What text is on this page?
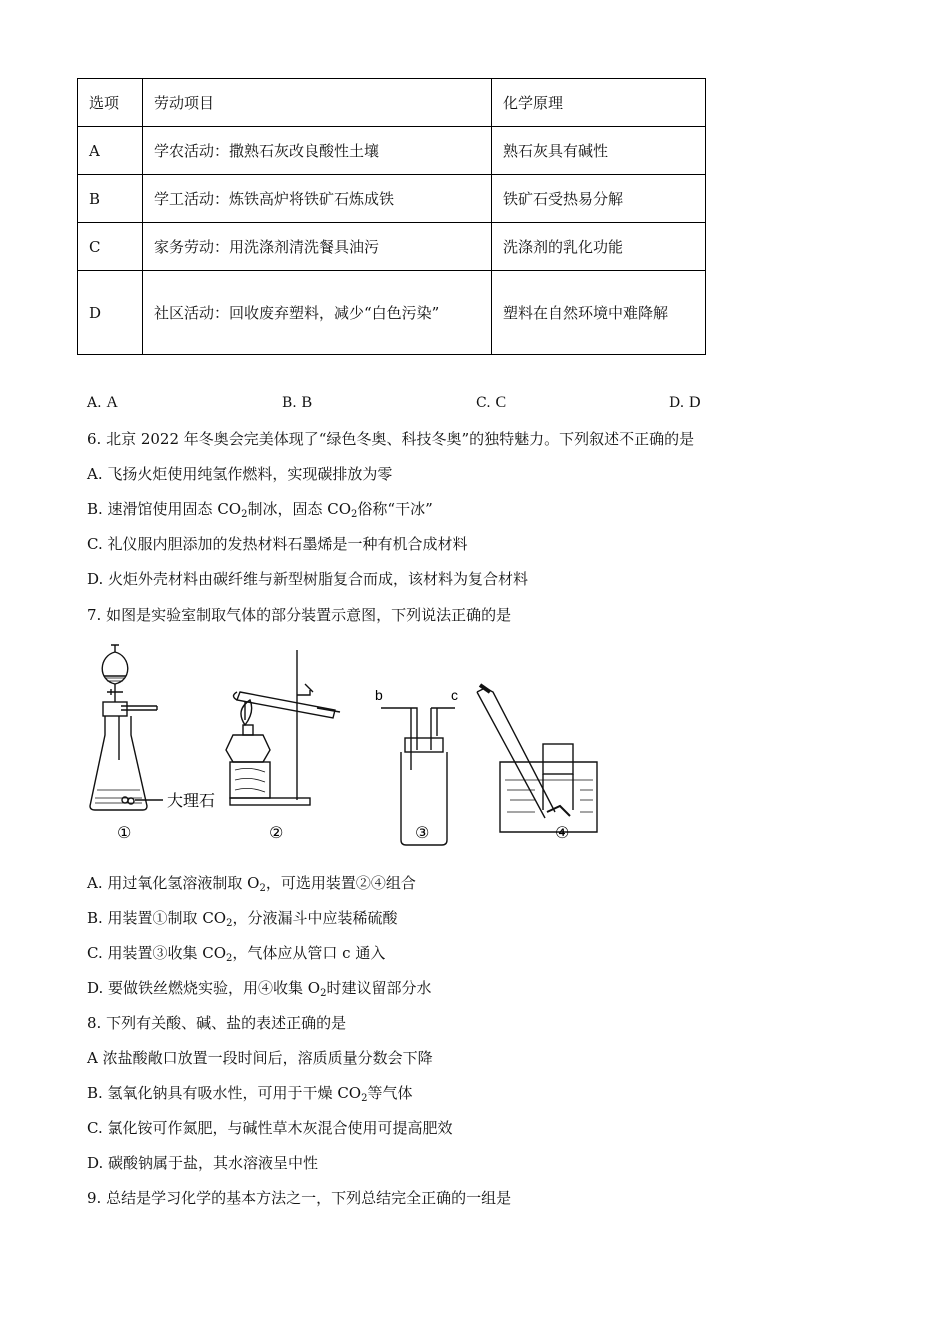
选项	劳动项目	化学原理
A	学农活动：撒熟石灰改良酸性土壤	熟石灰具有碱性
B	学工活动：炼铁高炉将铁矿石炼成铁	铁矿石受热易分解
C	家务劳动：用洗涤剂清洗餐具油污	洗涤剂的乳化功能
D	社区活动：回收废弃塑料，减少“白色污染”	塑料在自然环境中难降解
A. A	B. B	C. C	D. D
6. 北京 2022 年冬奥会完美体现了“绿色冬奥、科技冬奥”的独特魅力。下列叙述不正确的是
A. 飞扬火炬使用纯氢作燃料，实现碳排放为零
B. 速滑馆使用固态 $CO_2$制冰，固态 $CO_2$俗称“干冰”
C. 礼仪服内胆添加的发热材料石墨烯是一种有机合成材料
D. 火炬外壳材料由碳纤维与新型树脂复合而成，该材料为复合材料
7. 如图是实验室制取气体的部分装置示意图，下列说法正确的是
大理石
b	c
①	②	③	④
A. 用过氧化氢溶液制取 $O_2$，可选用装置②④组合
B. 用装置①制取 $CO_2$，分液漏斗中应装稀硫酸
C. 用装置③收集 $CO_2$，气体应从管口 c 通入
D. 要做铁丝燃烧实验，用④收集 $O_2$时建议留部分水
8. 下列有关酸、碱、盐的表述正确的是
A 浓盐酸敞口放置一段时间后，溶质质量分数会下降
B. 氢氧化钠具有吸水性，可用于干燥 $CO_2$等气体
C. 氯化铵可作氮肥，与碱性草木灰混合使用可提高肥效
D. 碳酸钠属于盐，其水溶液呈中性
9. 总结是学习化学的基本方法之一，下列总结完全正确的一组是
